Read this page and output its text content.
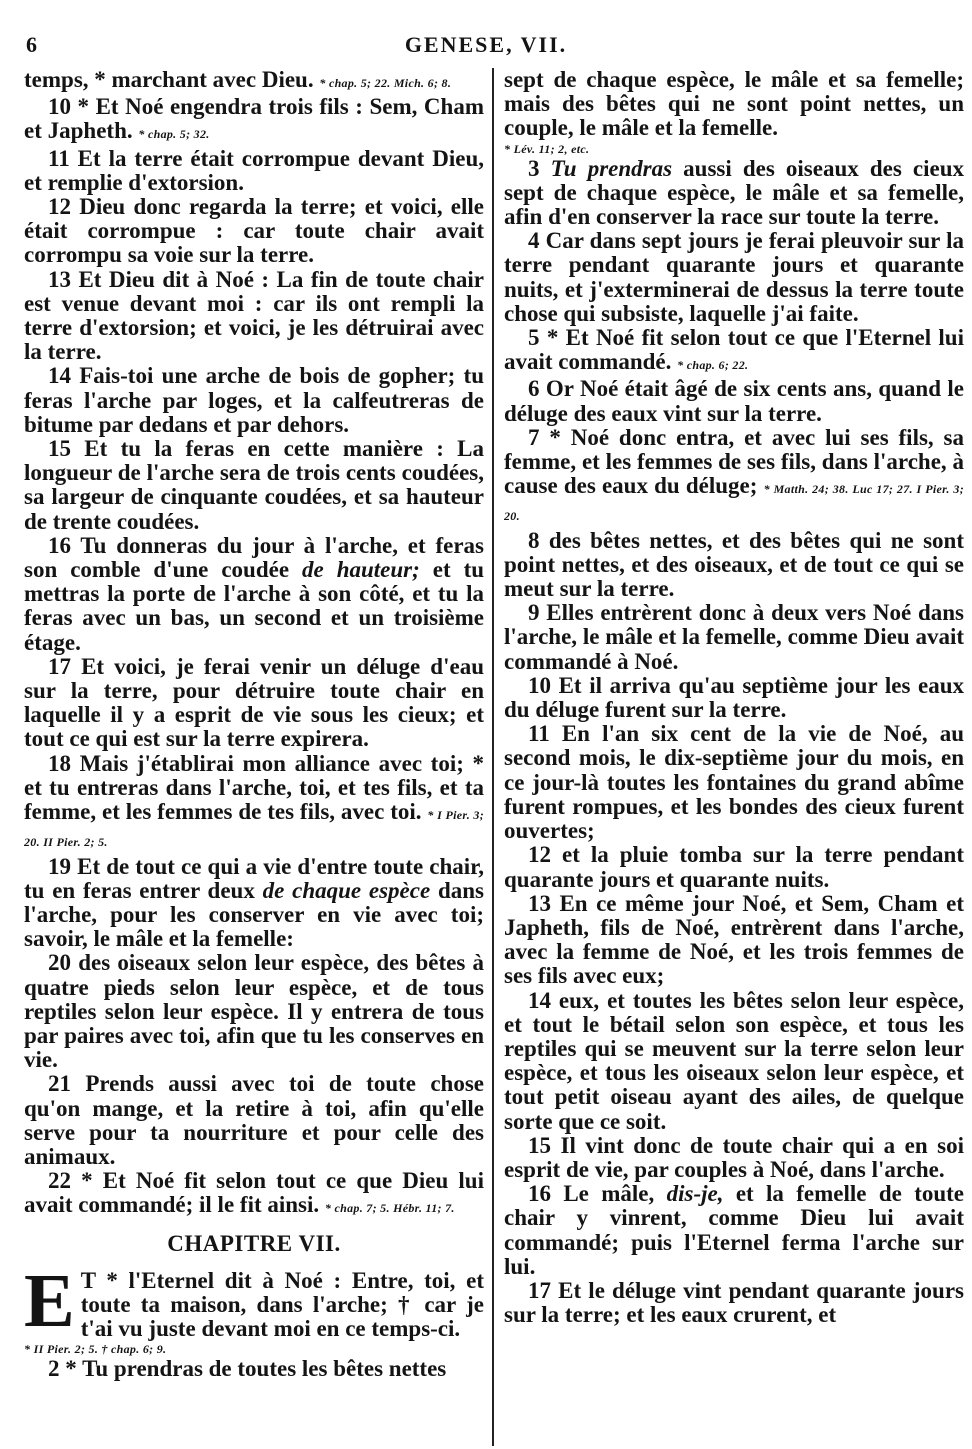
6	GENESE, VII.

temps, * marchant avec Dieu. * chap. 5; 22. Mich. 6; 8.

10 * Et Noé engendra trois fils : Sem, Cham et Japheth. * chap. 5; 32.

11 Et la terre était corrompue devant Dieu, et remplie d'extorsion.

12 Dieu donc regarda la terre; et voici, elle était corrompue : car toute chair avait corrompu sa voie sur la terre.

13 Et Dieu dit à Noé : La fin de toute chair est venue devant moi : car ils ont rempli la terre d'extorsion; et voici, je les détruirai avec la terre.

14 Fais-toi une arche de bois de gopher; tu feras l'arche par loges, et la calfeutreras de bitume par dedans et par dehors.

15 Et tu la feras en cette manière : La longueur de l'arche sera de trois cents coudées, sa largeur de cinquante coudées, et sa hauteur de trente coudées.

16 Tu donneras du jour à l'arche, et feras son comble d'une coudée de hauteur; et tu mettras la porte de l'arche à son côté, et tu la feras avec un bas, un second et un troisième étage.

17 Et voici, je ferai venir un déluge d'eau sur la terre, pour détruire toute chair en laquelle il y a esprit de vie sous les cieux; et tout ce qui est sur la terre expirera.

18 Mais j'établirai mon alliance avec toi; * et tu entreras dans l'arche, toi, et tes fils, et ta femme, et les femmes de tes fils, avec toi. * I Pier. 3; 20. II Pier. 2; 5.

19 Et de tout ce qui a vie d'entre toute chair, tu en feras entrer deux de chaque espèce dans l'arche, pour les conserver en vie avec toi; savoir, le mâle et la femelle:

20 des oiseaux selon leur espèce, des bêtes à quatre pieds selon leur espèce, et de tous reptiles selon leur espèce. Il y entrera de tous par paires avec toi, afin que tu les conserves en vie.

21 Prends aussi avec toi de toute chose qu'on mange, et la retire à toi, afin qu'elle serve pour ta nourriture et pour celle des animaux.

22 * Et Noé fit selon tout ce que Dieu lui avait commandé; il le fit ainsi. * chap. 7; 5. Hébr. 11; 7.

CHAPITRE VII.

E T * l'Eternel dit à Noé : Entre, toi, et toute ta maison, dans l'arche; † car je t'ai vu juste devant moi en ce temps-ci.
* II Pier. 2; 5. † chap. 6; 9.

2 * Tu prendras de toutes les bêtes nettes

sept de chaque espèce, le mâle et sa femelle; mais des bêtes qui ne sont point nettes, un couple, le mâle et la femelle.
* Lév. 11; 2, etc.

3 Tu prendras aussi des oiseaux des cieux sept de chaque espèce, le mâle et sa femelle, afin d'en conserver la race sur toute la terre.

4 Car dans sept jours je ferai pleuvoir sur la terre pendant quarante jours et quarante nuits, et j'exterminerai de dessus la terre toute chose qui subsiste, laquelle j'ai faite.

5 * Et Noé fit selon tout ce que l'Eternel lui avait commandé. * chap. 6; 22.

6 Or Noé était âgé de six cents ans, quand le déluge des eaux vint sur la terre.

7 * Noé donc entra, et avec lui ses fils, sa femme, et les femmes de ses fils, dans l'arche, à cause des eaux du déluge; * Matth. 24; 38. Luc 17; 27. I Pier. 3; 20.

8 des bêtes nettes, et des bêtes qui ne sont point nettes, et des oiseaux, et de tout ce qui se meut sur la terre.

9 Elles entrèrent donc à deux vers Noé dans l'arche, le mâle et la femelle, comme Dieu avait commandé à Noé.

10 Et il arriva qu'au septième jour les eaux du déluge furent sur la terre.

11 En l'an six cent de la vie de Noé, au second mois, le dix-septième jour du mois, en ce jour-là toutes les fontaines du grand abîme furent rompues, et les bondes des cieux furent ouvertes;

12 et la pluie tomba sur la terre pendant quarante jours et quarante nuits.

13 En ce même jour Noé, et Sem, Cham et Japheth, fils de Noé, entrèrent dans l'arche, avec la femme de Noé, et les trois femmes de ses fils avec eux;

14 eux, et toutes les bêtes selon leur espèce, et tout le bétail selon son espèce, et tous les reptiles qui se meuvent sur la terre selon leur espèce, et tous les oiseaux selon leur espèce, et tout petit oiseau ayant des ailes, de quelque sorte que ce soit.

15 Il vint donc de toute chair qui a en soi esprit de vie, par couples à Noé, dans l'arche.

16 Le mâle, dis-je, et la femelle de toute chair y vinrent, comme Dieu lui avait commandé; puis l'Eternel ferma l'arche sur lui.

17 Et le déluge vint pendant quarante jours sur la terre; et les eaux crurent, et
